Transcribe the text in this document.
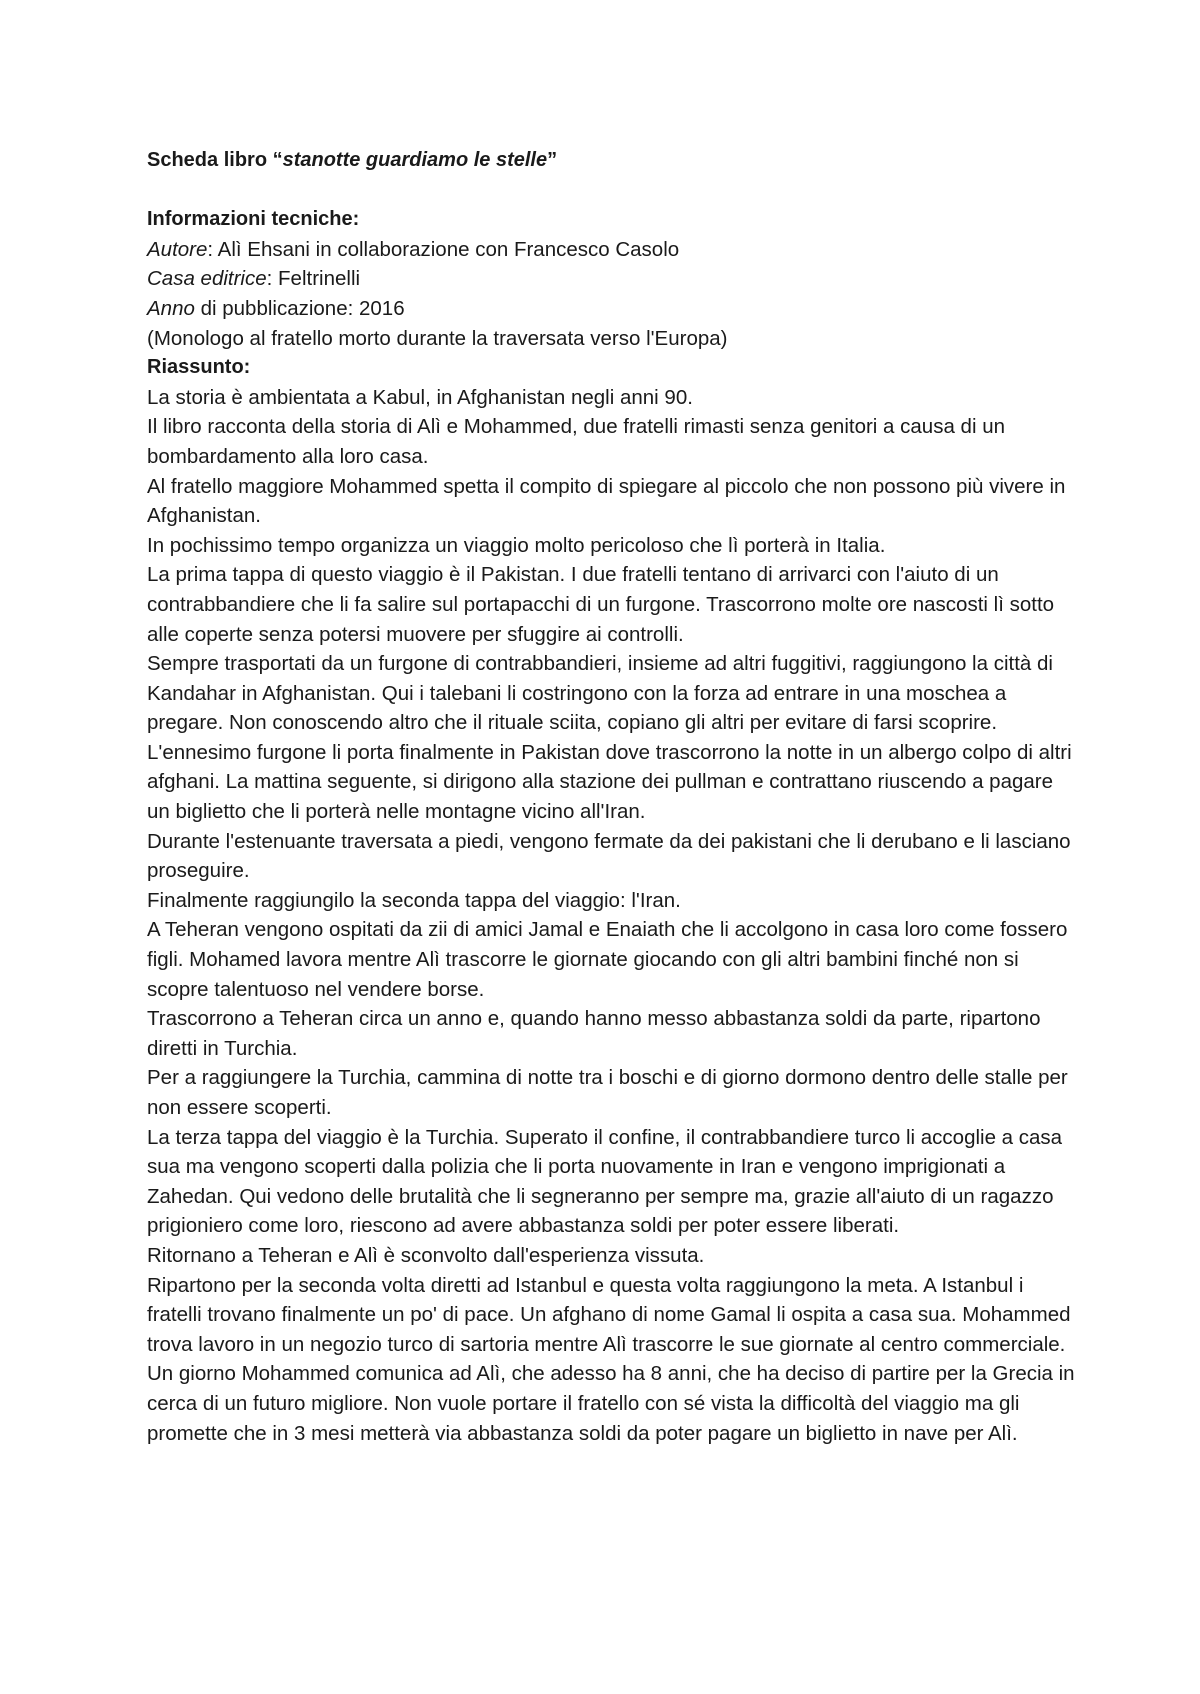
Scheda libro “stanotte guardiamo le stelle”

Informazioni tecniche:

Autore: Alì Ehsani in collaborazione con Francesco Casolo

Casa editrice: Feltrinelli

Anno di pubblicazione: 2016

(Monologo al fratello morto durante la traversata verso l'Europa)

Riassunto:

La storia è ambientata a Kabul, in Afghanistan negli anni 90.

Il libro racconta della storia di Alì e Mohammed, due fratelli rimasti senza genitori a causa di un bombardamento alla loro casa.

Al fratello maggiore Mohammed spetta il compito di spiegare al piccolo che non possono più vivere in Afghanistan.

In pochissimo tempo organizza un viaggio molto pericoloso che lì porterà in Italia.

La prima tappa di questo viaggio è il Pakistan. I due fratelli tentano di arrivarci con l'aiuto di un contrabbandiere che li fa salire sul portapacchi di un furgone. Trascorrono molte ore nascosti lì sotto alle coperte senza potersi muovere per sfuggire ai controlli.

Sempre trasportati da un furgone di contrabbandieri, insieme ad altri fuggitivi, raggiungono la città di Kandahar in Afghanistan. Qui i talebani li costringono con la forza ad entrare in una moschea a pregare. Non conoscendo altro che il rituale sciita, copiano gli altri per evitare di farsi scoprire.

L'ennesimo furgone li porta finalmente in Pakistan dove trascorrono la notte in un albergo colpo di altri afghani. La mattina seguente, si dirigono alla stazione dei pullman e contrattano riuscendo a pagare un biglietto che li porterà nelle montagne vicino all'Iran.

Durante l'estenuante traversata a piedi, vengono fermate da dei pakistani che li derubano e li lasciano proseguire.

Finalmente raggiungilo la seconda tappa del viaggio: l'Iran.

A Teheran vengono ospitati da zii di amici Jamal e Enaiath che li accolgono in casa loro come fossero figli. Mohamed lavora mentre Alì trascorre le giornate giocando con gli altri bambini finché non si scopre talentuoso nel vendere borse.

Trascorrono a Teheran circa un anno e, quando hanno messo abbastanza soldi da parte, ripartono diretti in Turchia.

Per a raggiungere la Turchia, cammina di notte tra i boschi e di giorno dormono dentro delle stalle per non essere scoperti.

La terza tappa del viaggio è la Turchia. Superato il confine, il contrabbandiere turco li accoglie a casa sua ma vengono scoperti dalla polizia che li porta nuovamente in Iran e vengono imprigionati a Zahedan. Qui vedono delle brutalità che li segneranno per sempre ma, grazie all'aiuto di un ragazzo prigioniero come loro, riescono ad avere abbastanza soldi per poter essere liberati.

Ritornano a Teheran e Alì è sconvolto dall'esperienza vissuta.

Ripartono per la seconda volta diretti ad Istanbul e questa volta raggiungono la meta. A Istanbul i fratelli trovano finalmente un po' di pace. Un afghano di nome Gamal li ospita a casa sua. Mohammed trova lavoro in un negozio turco di sartoria mentre Alì trascorre le sue giornate al centro commerciale. Un giorno Mohammed comunica ad Alì, che adesso ha 8 anni, che ha deciso di partire per la Grecia in cerca di un futuro migliore. Non vuole portare il fratello con sé vista la difficoltà del viaggio ma gli promette che in 3 mesi metterà via abbastanza soldi da poter pagare un biglietto in nave per Alì.
